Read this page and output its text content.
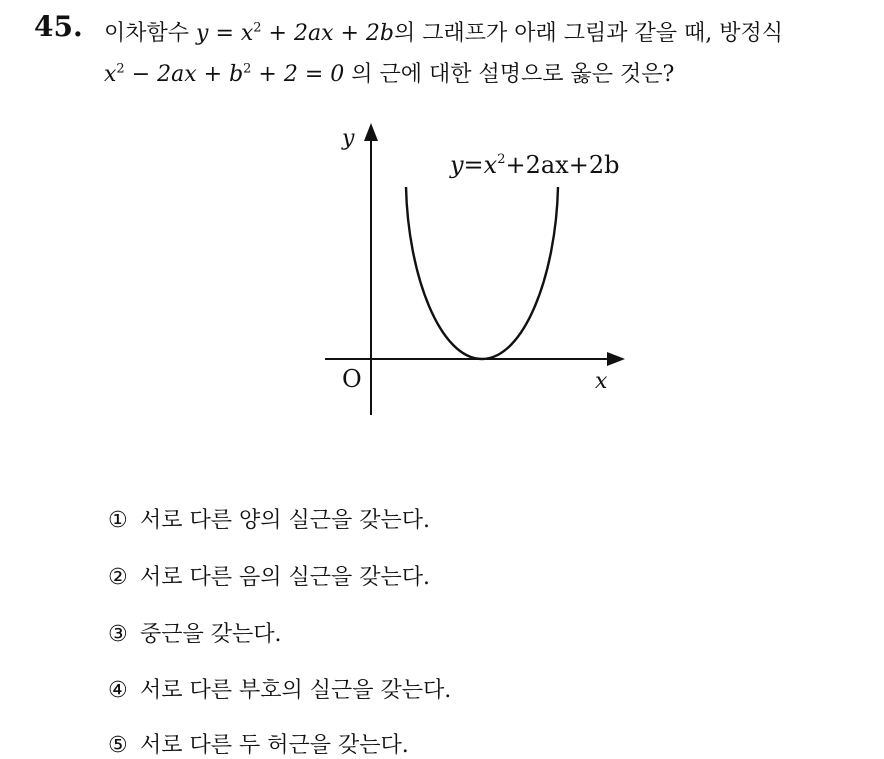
45. 이차함수 $y = x^2 + 2ax + 2b$의 그래프가 아래 그림과 같을 때, 방정식
$x^2 - 2ax + b^2 + 2 = 0$ 의 근에 대한 설명으로 옳은 것은?
y
x
O
$y=x^2+2ax+2b$
① 서로 다른 양의 실근을 갖는다.
② 서로 다른 음의 실근을 갖는다.
③ 중근을 갖는다.
④ 서로 다른 부호의 실근을 갖는다.
⑤ 서로 다른 두 허근을 갖는다.
